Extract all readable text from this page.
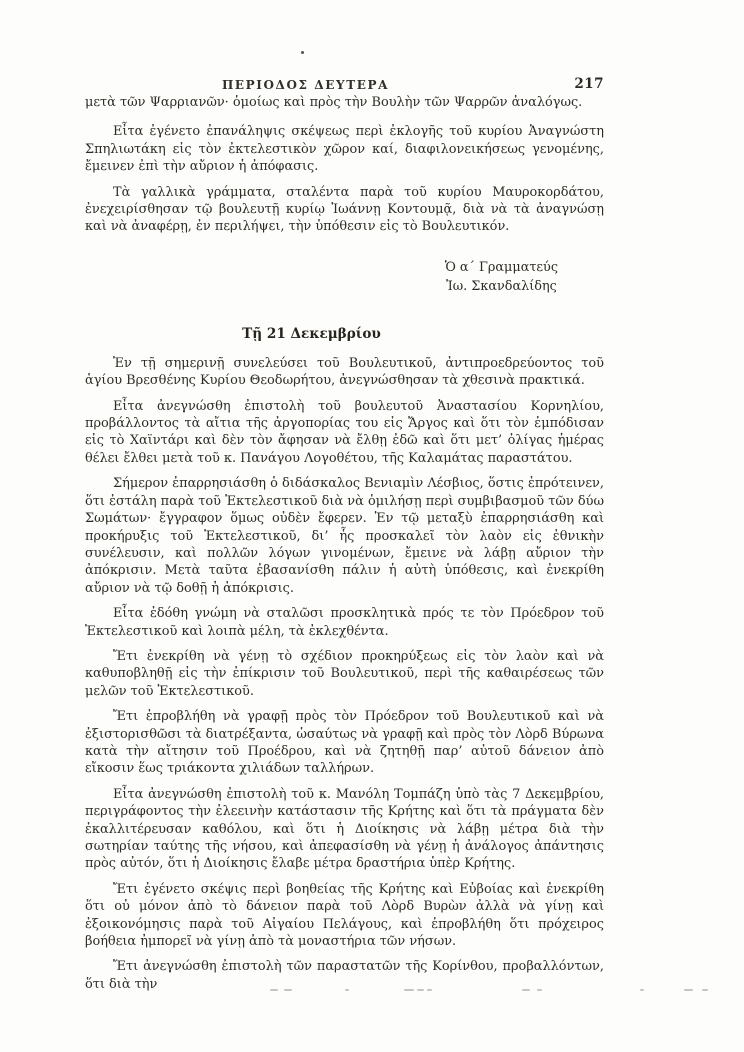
ΠΕΡΙΟΔΟΣ ΔΕΥΤΕΡΑ	217

μετὰ τῶν Ψαρριανῶν· ὁμοίως καὶ πρὸς τὴν Βουλὴν τῶν Ψαρρῶν ἀναλόγως.

Εἶτα ἐγένετο ἐπανάληψις σκέψεως περὶ ἐκλογῆς τοῦ κυρίου Ἀναγνώστη Σπηλιωτάκη εἰς τὸν ἐκτελεστικὸν χῶρον καί, διαφιλονεικήσεως γενομένης, ἔμεινεν ἐπὶ τὴν αὔριον ἡ ἀπόφασις.

Τὰ γαλλικὰ γράμματα, σταλέντα παρὰ τοῦ κυρίου Μαυροκορδάτου, ἐνεχειρίσθησαν τῷ βουλευτῇ κυρίῳ Ἰωάννῃ Κοντουμᾷ, διὰ νὰ τὰ ἀναγνώσῃ καὶ νὰ ἀναφέρῃ, ἐν περιλήψει, τὴν ὑπόθεσιν εἰς τὸ Βουλευτικόν.

Ὁ α´ Γραμματεύς
Ἰω. Σκανδαλίδης
Τῇ 21 Δεκεμβρίου

Ἐν τῇ σημερινῇ συνελεύσει τοῦ Βουλευτικοῦ, ἀντιπροεδρεύοντος τοῦ ἁγίου Βρεσθένης Κυρίου Θεοδωρήτου, ἀνεγνώσθησαν τὰ χθεσινὰ πρακτικά.

Εἶτα ἀνεγνώσθη ἐπιστολὴ τοῦ βουλευτοῦ Ἀναστασίου Κορνηλίου, προβάλλοντος τὰ αἴτια τῆς ἀργοπορίας του εἰς Ἄργος καὶ ὅτι τὸν ἐμπόδισαν εἰς τὸ Χαϊντάρι καὶ δὲν τὸν ἄφησαν νὰ ἔλθῃ ἐδῶ καὶ ὅτι μετ’ ὀλίγας ἡμέρας θέλει ἔλθει μετὰ τοῦ κ. Πανάγου Λογοθέτου, τῆς Καλαμάτας παραστάτου.

Σήμερον ἐπαρρησιάσθη ὁ διδάσκαλος Βενιαμὶν Λέσβιος, ὅστις ἐπρότεινεν, ὅτι ἐστάλη παρὰ τοῦ Ἐκτελεστικοῦ διὰ νὰ ὁμιλήσῃ περὶ συμβιβασμοῦ τῶν δύω Σωμάτων· ἔγγραφον ὅμως οὐδὲν ἔφερεν. Ἐν τῷ μεταξὺ ἐπαρρησιάσθη καὶ προκήρυξις τοῦ Ἐκτελεστικοῦ, δι’ ἧς προσκαλεῖ τὸν λαὸν εἰς ἐθνικὴν συνέλευσιν, καὶ πολλῶν λόγων γινομένων, ἔμεινε νὰ λάβῃ αὔριον τὴν ἀπόκρισιν. Μετὰ ταῦτα ἐβασανίσθη πάλιν ἡ αὐτὴ ὑπόθεσις, καὶ ἐνεκρίθη αὔριον νὰ τῷ δοθῇ ἡ ἀπόκρισις.

Εἶτα ἐδόθη γνώμη νὰ σταλῶσι προσκλητικὰ πρός τε τὸν Πρόεδρον τοῦ Ἐκτελεστικοῦ καὶ λοιπὰ μέλη, τὰ ἐκλεχθέντα.

Ἔτι ἐνεκρίθη νὰ γένῃ τὸ σχέδιον προκηρύξεως εἰς τὸν λαὸν καὶ νὰ καθυποβληθῇ εἰς τὴν ἐπίκρισιν τοῦ Βουλευτικοῦ, περὶ τῆς καθαιρέσεως τῶν μελῶν τοῦ Ἐκτελεστικοῦ.

Ἔτι ἐπροβλήθη νὰ γραφῇ πρὸς τὸν Πρόεδρον τοῦ Βουλευτικοῦ καὶ νὰ ἐξιστορισθῶσι τὰ διατρέξαντα, ὡσαύτως νὰ γραφῇ καὶ πρὸς τὸν Λὸρδ Βύρωνα κατὰ τὴν αἴτησιν τοῦ Προέδρου, καὶ νὰ ζητηθῇ παρ’ αὐτοῦ δάνειον ἀπὸ εἴκοσιν ἕως τριάκοντα χιλιάδων ταλλήρων.

Εἶτα ἀνεγνώσθη ἐπιστολὴ τοῦ κ. Μανόλη Τομπάζη ὑπὸ τὰς 7 Δεκεμβρίου, περιγράφοντος τὴν ἐλεεινὴν κατάστασιν τῆς Κρήτης καὶ ὅτι τὰ πράγματα δὲν ἐκαλλιτέρευσαν καθόλου, καὶ ὅτι ἡ Διοίκησις νὰ λάβῃ μέτρα διὰ τὴν σωτηρίαν ταύτης τῆς νήσου, καὶ ἀπεφασίσθη νὰ γένῃ ἡ ἀνάλογος ἀπάντησις πρὸς αὐτόν, ὅτι ἡ Διοίκησις ἔλαβε μέτρα δραστήρια ὑπὲρ Κρήτης.

Ἔτι ἐγένετο σκέψις περὶ βοηθείας τῆς Κρήτης καὶ Εὐβοίας καὶ ἐνεκρίθη ὅτι οὐ μόνον ἀπὸ τὸ δάνειον παρὰ τοῦ Λὸρδ Βυρὼν ἀλλὰ νὰ γίνῃ καὶ ἐξοικονόμησις παρὰ τοῦ Αἰγαίου Πελάγους, καὶ ἐπροβλήθη ὅτι πρόχειρος βοήθεια ἠμπορεῖ νὰ γίνῃ ἀπὸ τὰ μοναστήρια τῶν νήσων.

Ἔτι ἀνεγνώσθη ἐπιστολὴ τῶν παραστατῶν τῆς Κορίνθου, προβαλλόντων, ὅτι διὰ τὴν
